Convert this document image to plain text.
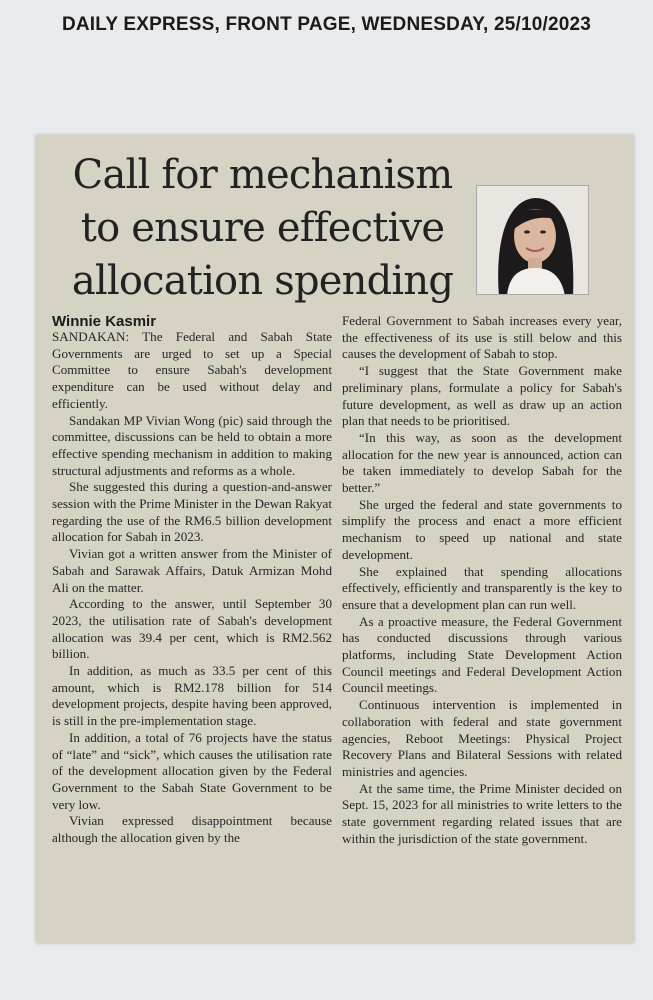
DAILY EXPRESS, FRONT PAGE, WEDNESDAY, 25/10/2023
Call for mechanism
to ensure effective
allocation spending
Winnie Kasmir

SANDAKAN: The Federal and Sabah State Governments are urged to set up a Special Committee to ensure Sabah's development expenditure can be used without delay and efficiently.

Sandakan MP Vivian Wong (pic) said through the committee, discussions can be held to obtain a more effective spending mechanism in addition to making structural adjustments and reforms as a whole.

She suggested this during a question-and-answer session with the Prime Minister in the Dewan Rakyat regarding the use of the RM6.5 billion development allocation for Sabah in 2023.

Vivian got a written answer from the Minister of Sabah and Sarawak Affairs, Datuk Armizan Mohd Ali on the matter.

According to the answer, until September 30 2023, the utilisation rate of Sabah's development allocation was 39.4 per cent, which is RM2.562 billion.

In addition, as much as 33.5 per cent of this amount, which is RM2.178 billion for 514 development projects, despite having been approved, is still in the pre-implementation stage.

In addition, a total of 76 projects have the status of “late” and “sick”, which causes the utilisation rate of the development allocation given by the Federal Government to the Sabah State Government to be very low.

Vivian expressed disappointment because although the allocation given by the

Federal Government to Sabah increases every year, the effectiveness of its use is still below and this causes the development of Sabah to stop.

“I suggest that the State Government make preliminary plans, formulate a policy for Sabah's future development, as well as draw up an action plan that needs to be prioritised.

“In this way, as soon as the development allocation for the new year is announced, action can be taken immediately to develop Sabah for the better.”

She urged the federal and state governments to simplify the process and enact a more efficient mechanism to speed up national and state development.

She explained that spending allocations effectively, efficiently and transparently is the key to ensure that a development plan can run well.

As a proactive measure, the Federal Government has conducted discussions through various platforms, including State Development Action Council meetings and Federal Development Action Council meetings.

Continuous intervention is implemented in collaboration with federal and state government agencies, Reboot Meetings: Physical Project Recovery Plans and Bilateral Sessions with related ministries and agencies.

At the same time, the Prime Minister decided on Sept. 15, 2023 for all ministries to write letters to the state government regarding related issues that are within the jurisdiction of the state government.
